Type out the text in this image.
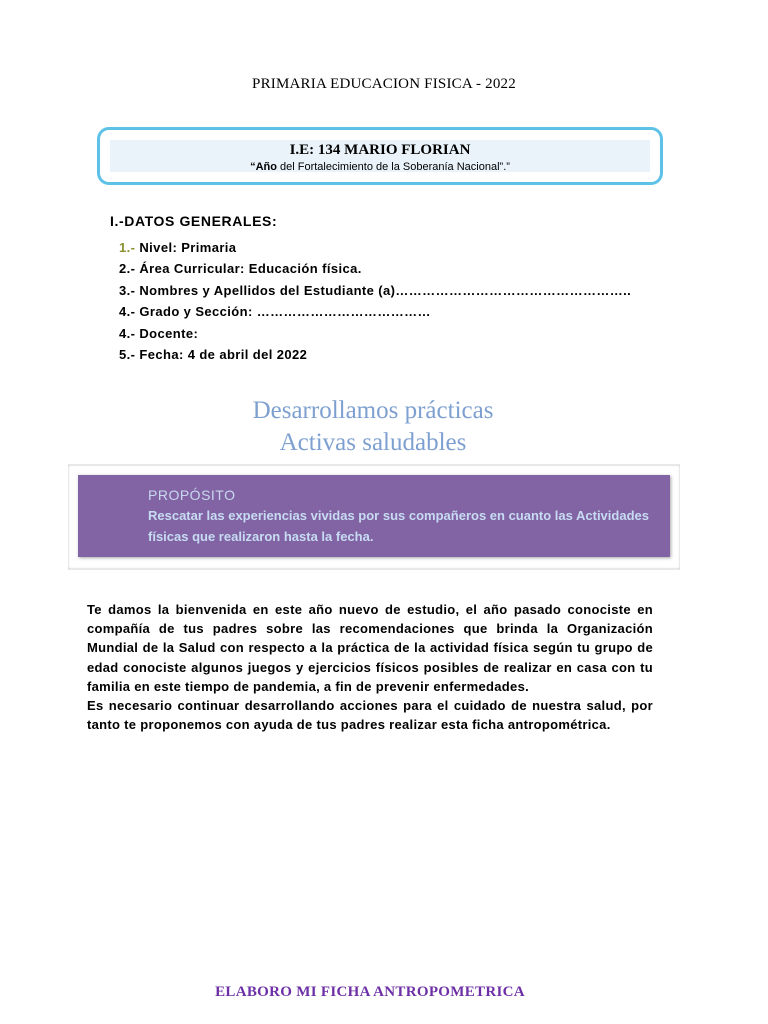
PRIMARIA EDUCACION FISICA - 2022
I.E: 134 MARIO FLORIAN
“Año del Fortalecimiento de la Soberanía Nacional”.”
I.-DATOS GENERALES:
1.- Nivel: Primaria
2.- Área Curricular: Educación física.
3.- Nombres y Apellidos del Estudiante (a)……………………………………………..
4.- Grado y Sección: …………………………………
4.- Docente:
5.- Fecha: 4 de abril del 2022
Desarrollamos prácticas
Activas saludables
PROPÓSITO
Rescatar las experiencias vividas por sus compañeros en cuanto las Actividades físicas que realizaron hasta la fecha.

Te damos la bienvenida en este año nuevo de estudio, el año pasado conociste en compañía de tus padres sobre las recomendaciones que brinda la Organización Mundial de la Salud con respecto a la práctica de la actividad física según tu grupo de edad conociste algunos juegos y ejercicios físicos posibles de realizar en casa con tu familia en este tiempo de pandemia, a fin de prevenir enfermedades.

Es necesario continuar desarrollando acciones para el cuidado de nuestra salud, por tanto te proponemos con ayuda de tus padres realizar esta ficha antropométrica.

ELABORO MI FICHA ANTROPOMETRICA
